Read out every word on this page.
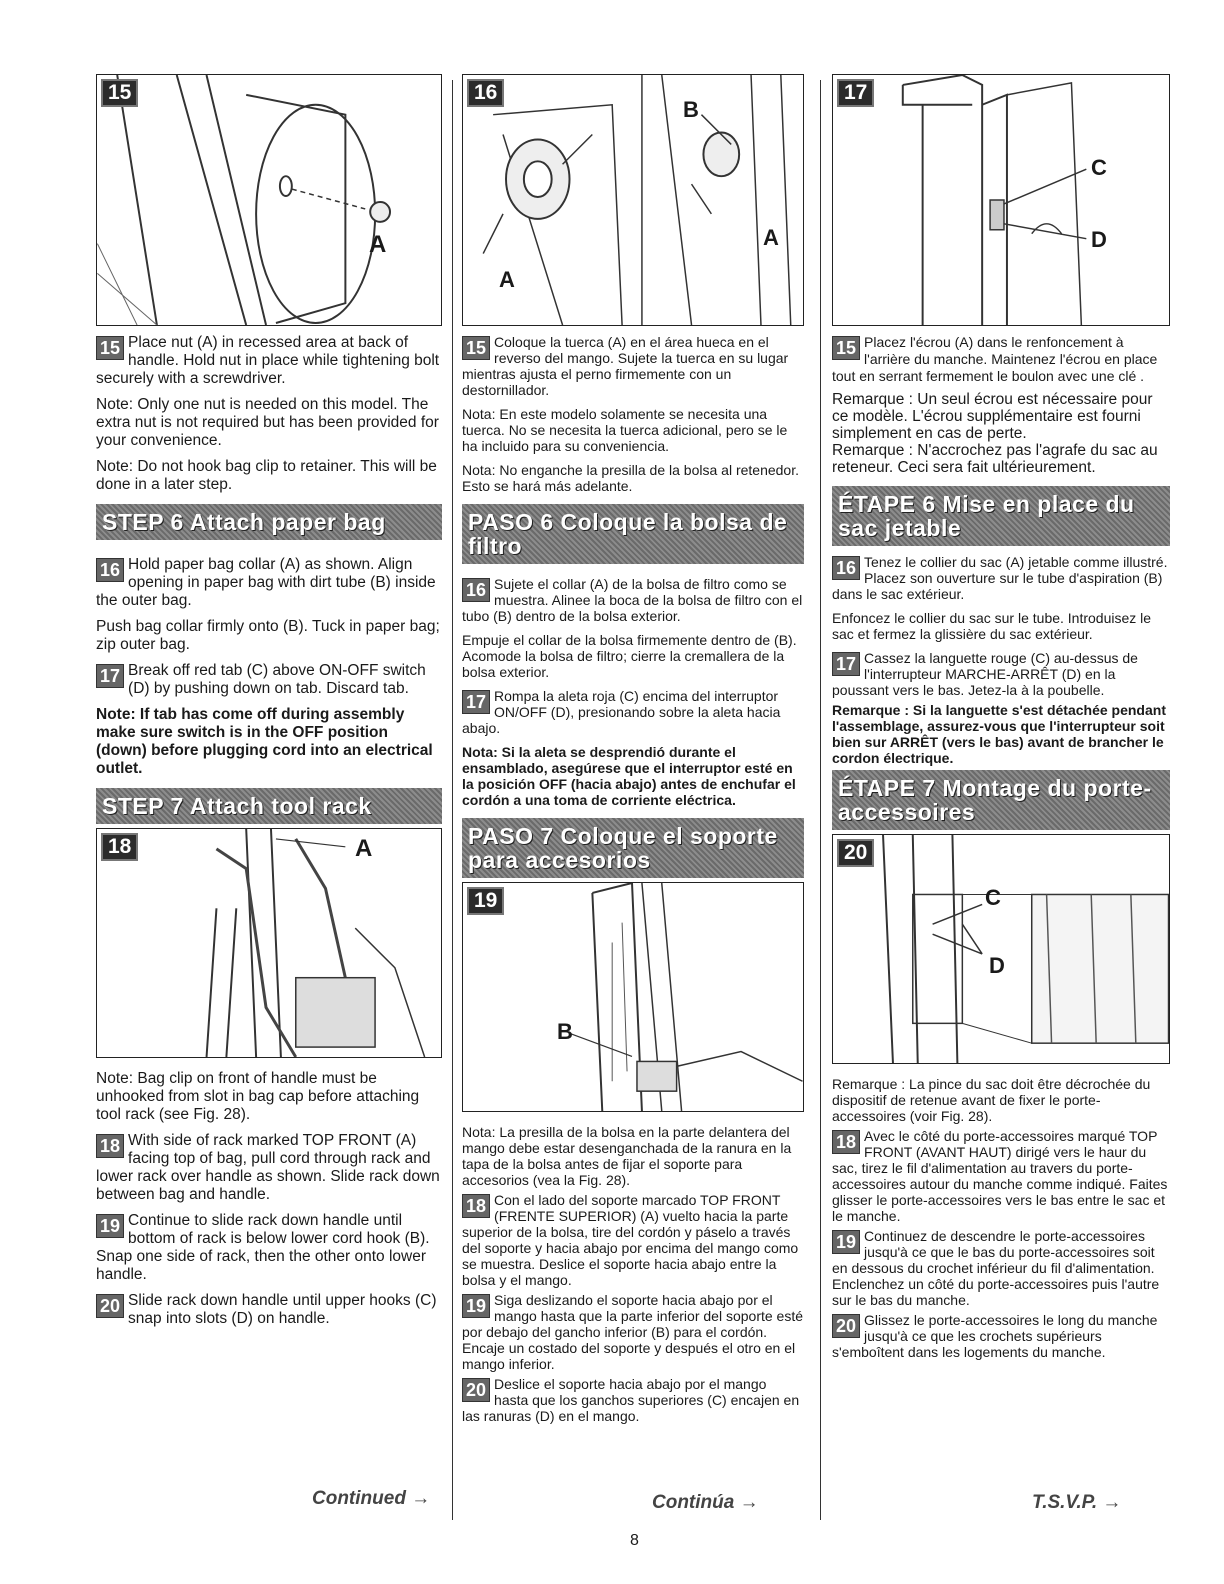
15
A

15 Place nut (A) in recessed area at back of handle. Hold nut in place while tightening bolt securely with a screwdriver.

Note: Only one nut is needed on this model. The extra nut is not required but has been provided for your convenience.

Note: Do not hook bag clip to retainer. This will be done in a later step.

STEP 6 Attach paper bag

16 Hold paper bag collar (A) as shown. Align opening in paper bag with dirt tube (B) inside the outer bag.

Push bag collar firmly onto (B). Tuck in paper bag; zip outer bag.

17 Break off red tab (C) above ON-OFF switch (D) by pushing down on tab. Discard tab.

Note: If tab has come off during assembly make sure switch is in the OFF position (down) before plugging cord into an electrical outlet.

STEP 7 Attach tool rack
18	A

Note: Bag clip on front of handle must be unhooked from slot in bag cap before attaching tool rack (see Fig. 28).

18 With side of rack marked TOP FRONT (A) facing top of bag, pull cord through rack and lower rack over handle as shown. Slide rack down between bag and handle.

19 Continue to slide rack down handle until bottom of rack is below lower cord hook (B). Snap one side of rack, then the other onto lower handle.

20 Slide rack down handle until upper hooks (C) snap into slots (D) on handle.

Continued →
16
B
A
A

15 Coloque la tuerca (A) en el área hueca en el reverso del mango. Sujete la tuerca en su lugar mientras ajusta el perno firmemente con un destornillador.

Nota: En este modelo solamente se necesita una tuerca. No se necesita la tuerca adicional, pero se le ha incluido para su conveniencia.

Nota: No enganche la presilla de la bolsa al retenedor. Esto se hará más adelante.

PASO 6 Coloque la bolsa de filtro

16 Sujete el collar (A) de la bolsa de filtro como se muestra. Alinee la boca de la bolsa de filtro con el tubo (B) dentro de la bolsa exterior.

Empuje el collar de la bolsa firmemente dentro de (B). Acomode la bolsa de filtro; cierre la cremallera de la bolsa exterior.

17 Rompa la aleta roja (C) encima del interruptor ON/OFF (D), presionando sobre la aleta hacia abajo.

Nota: Si la aleta se desprendió durante el ensamblado, asegúrese que el interruptor esté en la posición OFF (hacia abajo) antes de enchufar el cordón a una toma de corriente eléctrica.

PASO 7 Coloque el soporte para accesorios
19
B

Nota: La presilla de la bolsa en la parte delantera del mango debe estar desenganchada de la ranura en la tapa de la bolsa antes de fijar el soporte para accesorios (vea la Fig. 28).

18 Con el lado del soporte marcado TOP FRONT (FRENTE SUPERIOR) (A) vuelto hacia la parte superior de la bolsa, tire del cordón y páselo a través del soporte y hacia abajo por encima del mango como se muestra. Deslice el soporte hacia abajo entre la bolsa y el mango.

19 Siga deslizando el soporte hacia abajo por el mango hasta que la parte inferior del soporte esté por debajo del gancho inferior (B) para el cordón. Encaje un costado del soporte y después el otro en el mango inferior.

20 Deslice el soporte hacia abajo por el mango hasta que los ganchos superiores (C) encajen en las ranuras (D) en el mango.

Continúa →
17
C
D

15 Placez l'écrou (A) dans le renfoncement à l'arrière du manche. Maintenez l'écrou en place tout en serrant fermement le boulon avec une clé .

Remarque : Un seul écrou est nécessaire pour ce modèle. L'écrou supplémentaire est fourni simplement en cas de perte.

Remarque : N'accrochez pas l'agrafe du sac au reteneur. Ceci sera fait ultérieurement.

ÉTAPE 6 Mise en place du sac jetable

16 Tenez le collier du sac (A) jetable comme illustré. Placez son ouverture sur le tube d'aspiration (B) dans le sac extérieur.

Enfoncez le collier du sac sur le tube. Introduisez le sac et fermez la glissière du sac extérieur.

17 Cassez la languette rouge (C) au-dessus de l'interrupteur MARCHE-ARRÊT (D) en la poussant vers le bas. Jetez-la à la poubelle.

Remarque : Si la languette s'est détachée pendant l'assemblage, assurez-vous que l'interrupteur soit bien sur ARRÊT (vers le bas) avant de brancher le cordon électrique.

ÉTAPE 7 Montage du porte-accessoires
20
C
D

Remarque : La pince du sac doit être décrochée du dispositif de retenue avant de fixer le porte-accessoires (voir Fig. 28).

18 Avec le côté du porte-accessoires marqué TOP FRONT (AVANT HAUT) dirigé vers le haur du sac, tirez le fil d'alimentation au travers du porte-accessoires autour du manche comme indiqué. Faites glisser le porte-accessoires vers le bas entre le sac et le manche.

19 Continuez de descendre le porte-accessoires jusqu'à ce que le bas du porte-accessoires soit en dessous du crochet inférieur du fil d'alimentation. Enclenchez un côté du porte-accessoires puis l'autre sur le bas du manche.

20 Glissez le porte-accessoires le long du manche jusqu'à ce que les crochets supérieurs s'emboîtent dans les logements du manche.

T.S.V.P. →
8
